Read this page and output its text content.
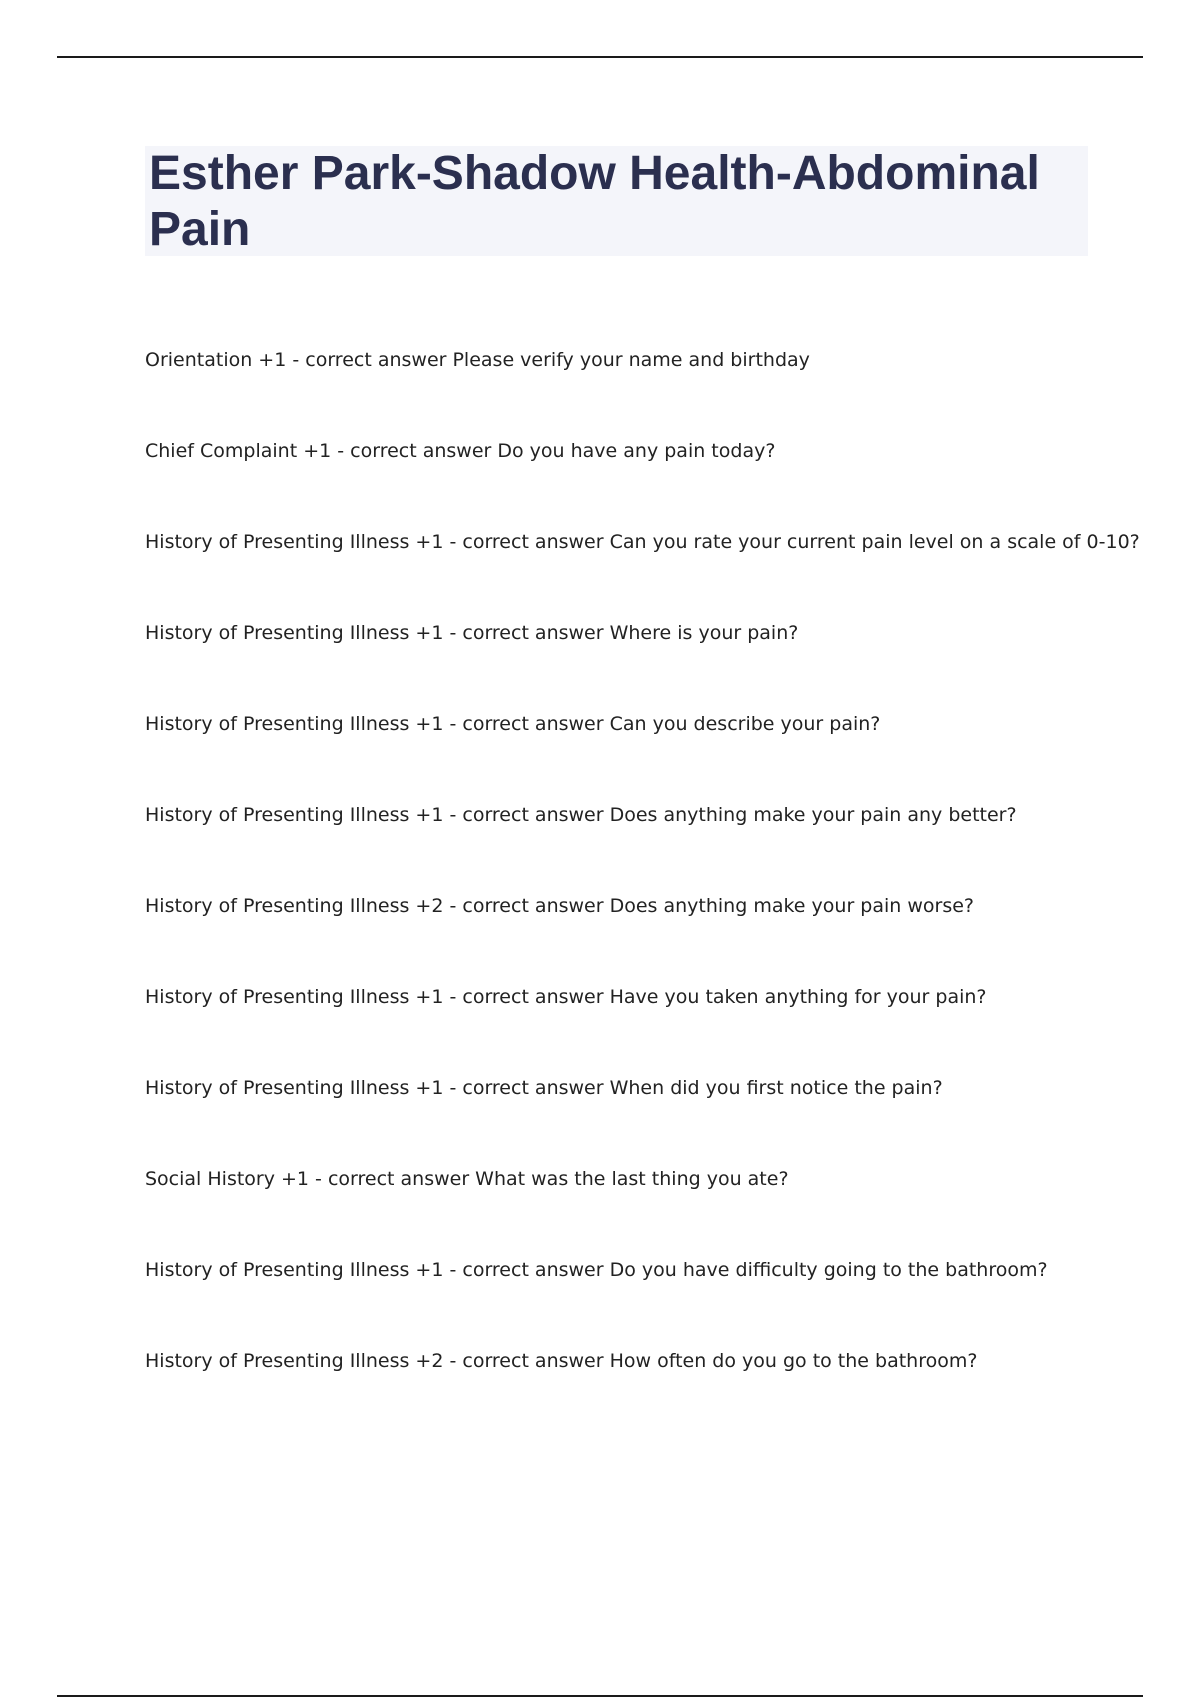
Esther Park-Shadow Health-Abdominal Pain
Orientation +1 - correct answer Please verify your name and birthday
Chief Complaint +1 - correct answer Do you have any pain today?
History of Presenting Illness +1 - correct answer Can you rate your current pain level on a scale of 0-10?
History of Presenting Illness +1 - correct answer Where is your pain?
History of Presenting Illness +1 - correct answer Can you describe your pain?
History of Presenting Illness +1 - correct answer Does anything make your pain any better?
History of Presenting Illness +2 - correct answer Does anything make your pain worse?
History of Presenting Illness +1 - correct answer Have you taken anything for your pain?
History of Presenting Illness +1 - correct answer When did you first notice the pain?
Social History +1 - correct answer What was the last thing you ate?
History of Presenting Illness +1 - correct answer Do you have difficulty going to the bathroom?
History of Presenting Illness +2 - correct answer How often do you go to the bathroom?
